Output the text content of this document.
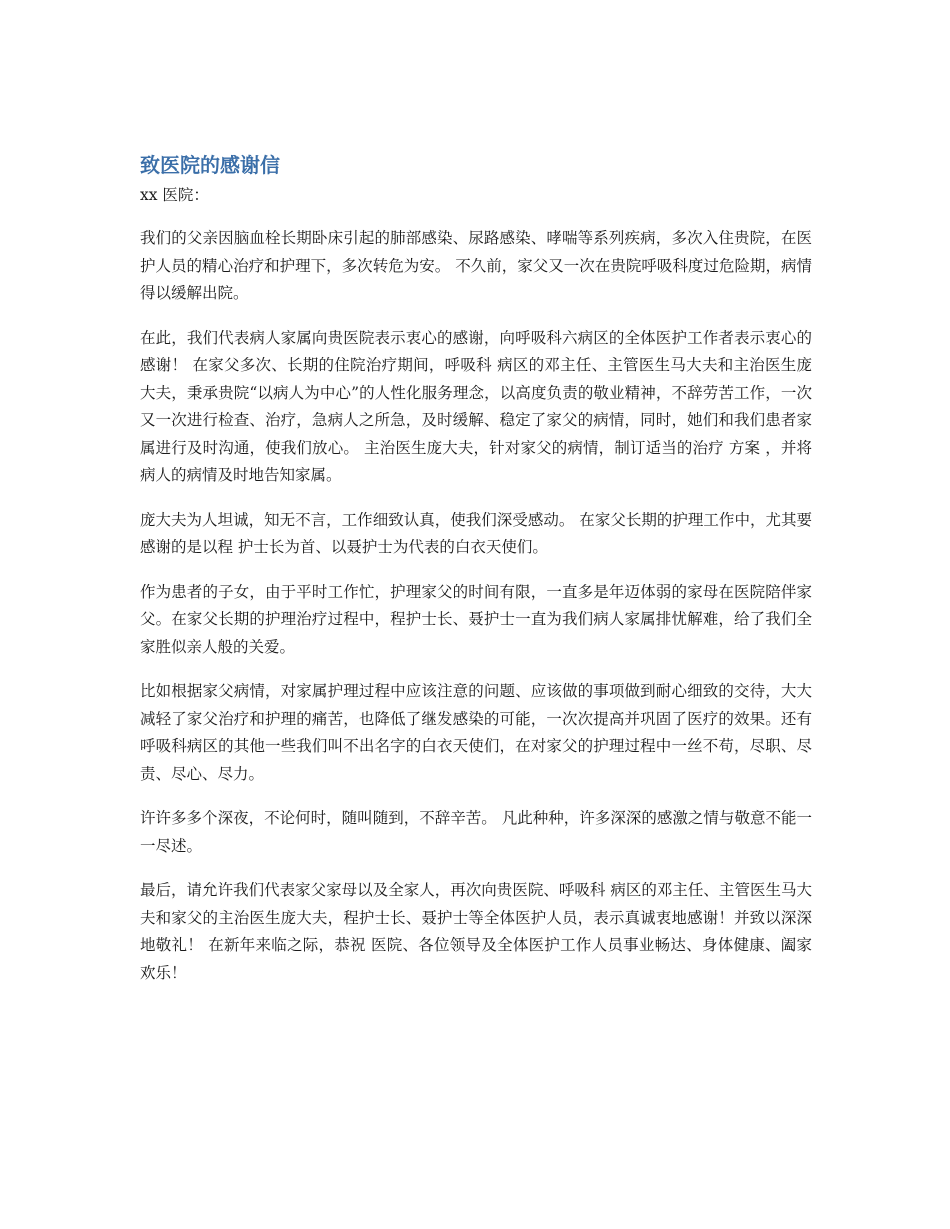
致医院的感谢信

xx 医院：

我们的父亲因脑血栓长期卧床引起的肺部感染、尿路感染、哮喘等系列疾病，多次入住贵院，在医护人员的精心治疗和护理下，多次转危为安。 不久前，家父又一次在贵院呼吸科度过危险期，病情得以缓解出院。

在此，我们代表病人家属向贵医院表示衷心的感谢，向呼吸科六病区的全体医护工作者表示衷心的感谢！ 在家父多次、长期的住院治疗期间，呼吸科 病区的邓主任、主管医生马大夫和主治医生庞大夫，秉承贵院“以病人为中心”的人性化服务理念，以高度负责的敬业精神，不辞劳苦工作，一次又一次进行检查、治疗，急病人之所急，及时缓解、稳定了家父的病情，同时，她们和我们患者家属进行及时沟通，使我们放心。 主治医生庞大夫，针对家父的病情，制订适当的治疗 方案 ，并将病人的病情及时地告知家属。

庞大夫为人坦诚，知无不言，工作细致认真，使我们深受感动。 在家父长期的护理工作中，尤其要感谢的是以程 护士长为首、以聂护士为代表的白衣天使们。

作为患者的子女，由于平时工作忙，护理家父的时间有限，一直多是年迈体弱的家母在医院陪伴家父。在家父长期的护理治疗过程中，程护士长、聂护士一直为我们病人家属排忧解难，给了我们全家胜似亲人般的关爱。

比如根据家父病情，对家属护理过程中应该注意的问题、应该做的事项做到耐心细致的交待，大大减轻了家父治疗和护理的痛苦，也降低了继发感染的可能，一次次提高并巩固了医疗的效果。还有呼吸科病区的其他一些我们叫不出名字的白衣天使们，在对家父的护理过程中一丝不苟，尽职、尽责、尽心、尽力。

许许多多个深夜，不论何时，随叫随到，不辞辛苦。 凡此种种，许多深深的感激之情与敬意不能一一尽述。

最后，请允许我们代表家父家母以及全家人，再次向贵医院、呼吸科 病区的邓主任、主管医生马大夫和家父的主治医生庞大夫，程护士长、聂护士等全体医护人员，表示真诚衷地感谢！并致以深深地敬礼！ 在新年来临之际，恭祝 医院、各位领导及全体医护工作人员事业畅达、身体健康、阖家欢乐！
